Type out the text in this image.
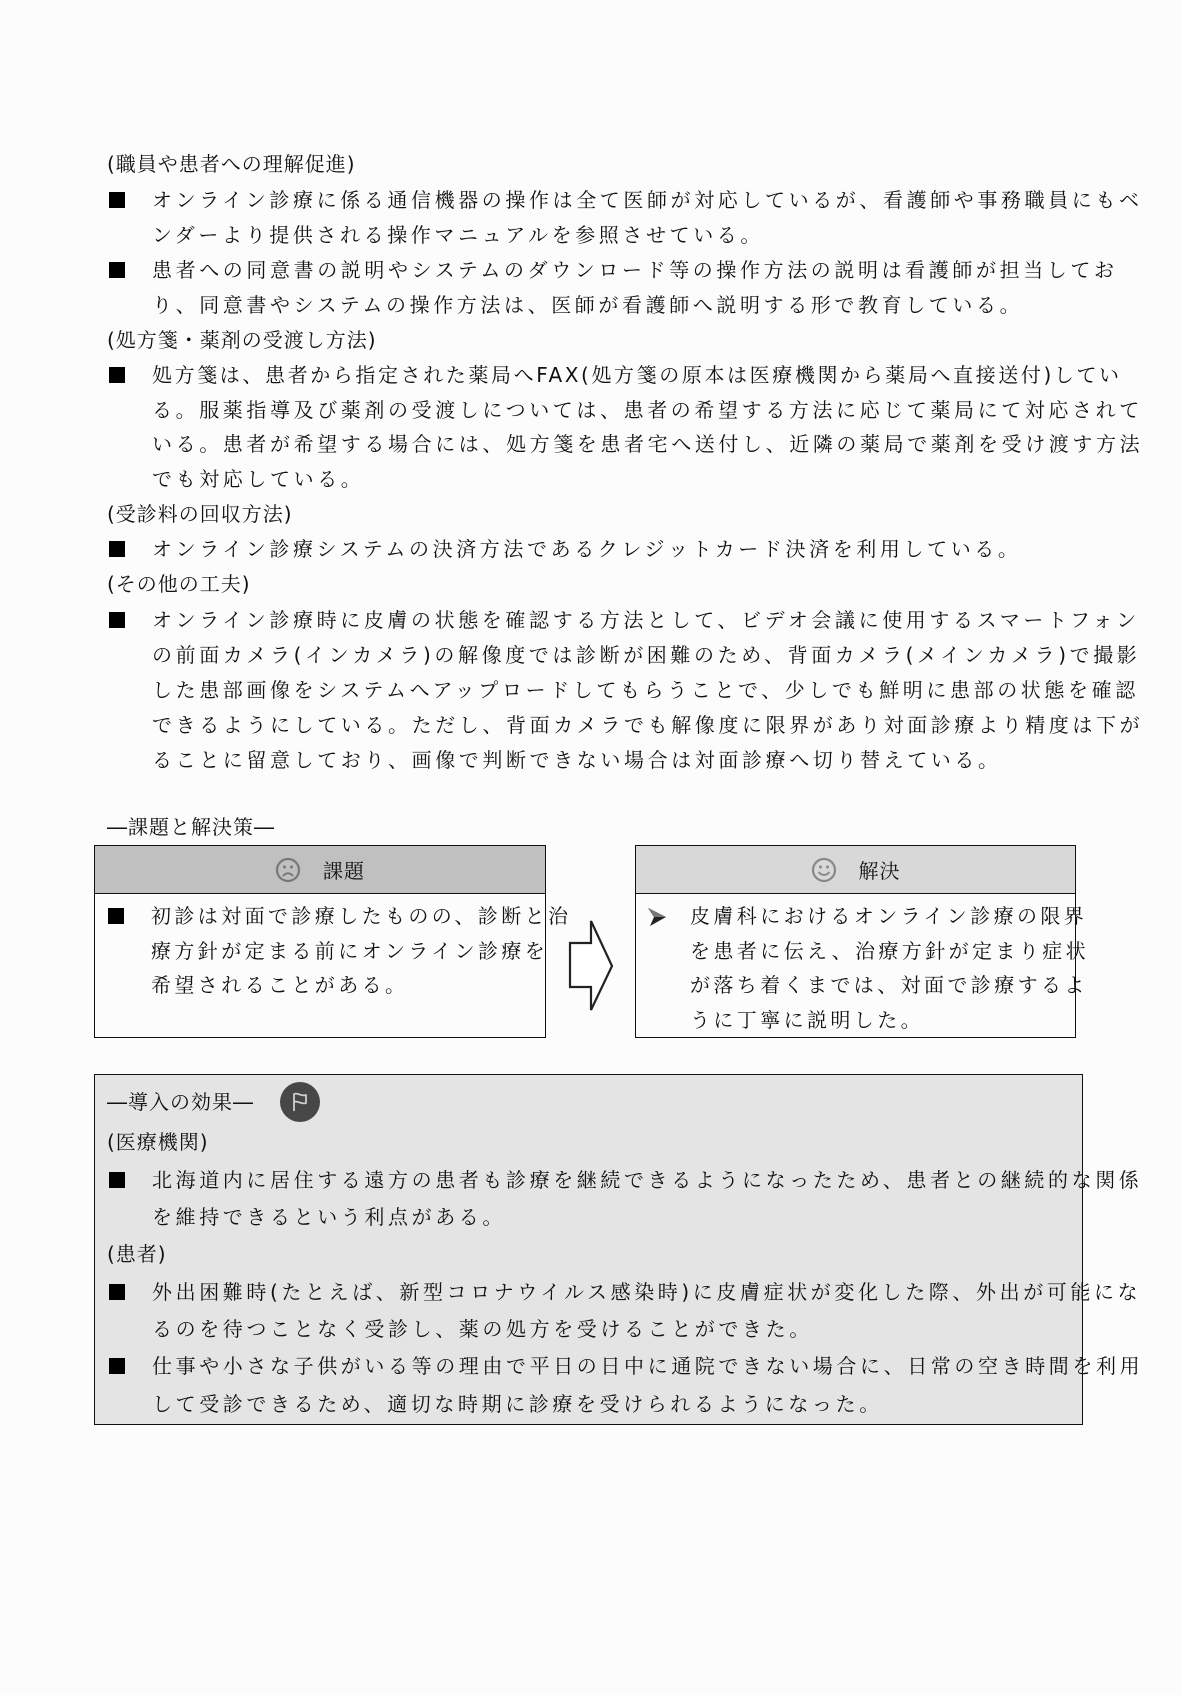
(職員や患者への理解促進)
オンライン診療に係る通信機器の操作は全て医師が対応しているが、看護師や事務職員にもベ
ンダーより提供される操作マニュアルを参照させている。
患者への同意書の説明やシステムのダウンロード等の操作方法の説明は看護師が担当してお
り、同意書やシステムの操作方法は、医師が看護師へ説明する形で教育している。
(処方箋・薬剤の受渡し方法)
処方箋は、患者から指定された薬局へFAX(処方箋の原本は医療機関から薬局へ直接送付)してい
る。服薬指導及び薬剤の受渡しについては、患者の希望する方法に応じて薬局にて対応されて
いる。患者が希望する場合には、処方箋を患者宅へ送付し、近隣の薬局で薬剤を受け渡す方法
でも対応している。
(受診料の回収方法)
オンライン診療システムの決済方法であるクレジットカード決済を利用している。
(その他の工夫)
オンライン診療時に皮膚の状態を確認する方法として、ビデオ会議に使用するスマートフォン
の前面カメラ(インカメラ)の解像度では診断が困難のため、背面カメラ(メインカメラ)で撮影
した患部画像をシステムへアップロードしてもらうことで、少しでも鮮明に患部の状態を確認
できるようにしている。ただし、背面カメラでも解像度に限界があり対面診療より精度は下が
ることに留意しており、画像で判断できない場合は対面診療へ切り替えている。
―課題と解決策―
課題
初診は対面で診療したものの、診断と治
療方針が定まる前にオンライン診療を
希望されることがある。
解決
皮膚科におけるオンライン診療の限界
を患者に伝え、治療方針が定まり症状
が落ち着くまでは、対面で診療するよ
うに丁寧に説明した。
―導入の効果―
(医療機関)
北海道内に居住する遠方の患者も診療を継続できるようになったため、患者との継続的な関係
を維持できるという利点がある。
(患者)
外出困難時(たとえば、新型コロナウイルス感染時)に皮膚症状が変化した際、外出が可能にな
るのを待つことなく受診し、薬の処方を受けることができた。
仕事や小さな子供がいる等の理由で平日の日中に通院できない場合に、日常の空き時間を利用
して受診できるため、適切な時期に診療を受けられるようになった。
